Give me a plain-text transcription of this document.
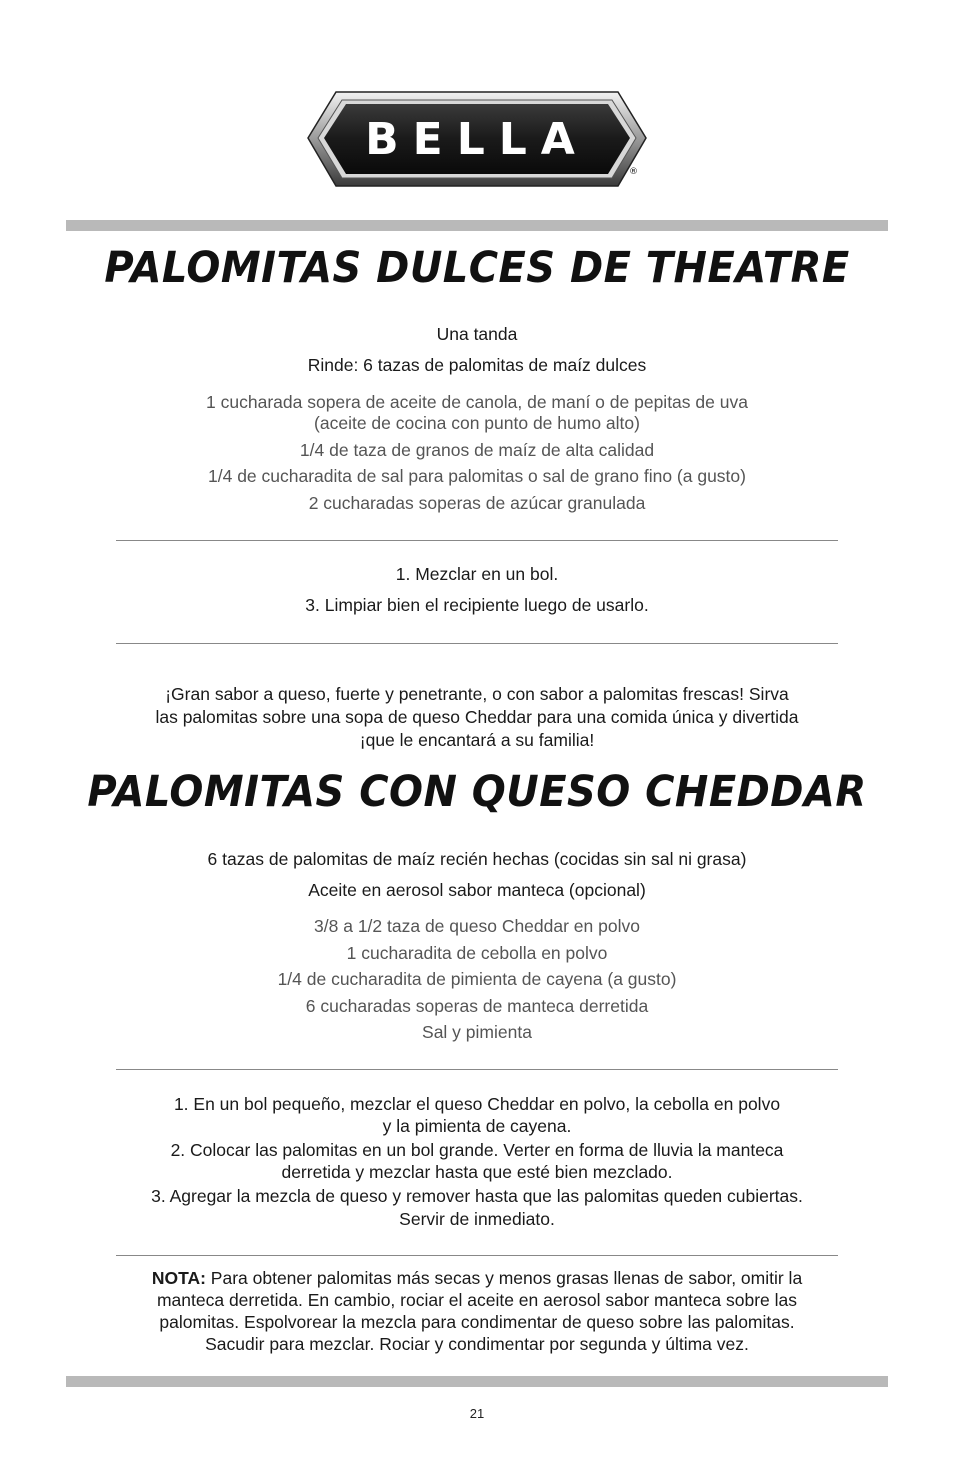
BELLA
®
PALOMITAS DULCES DE THEATRE
Una tanda
Rinde: 6 tazas de palomitas de maíz dulces
1 cucharada sopera de aceite de canola, de maní o de pepitas de uva
(aceite de cocina con punto de humo alto)
1/4 de taza de granos de maíz de alta calidad
1/4 de cucharadita de sal para palomitas o sal de grano fino (a gusto)
2 cucharadas soperas de azúcar granulada
1. Mezclar en un bol.
3. Limpiar bien el recipiente luego de usarlo.
¡Gran sabor a queso, fuerte y penetrante, o con sabor a palomitas frescas! Sirva
las palomitas sobre una sopa de queso Cheddar para una comida única y divertida
¡que le encantará a su familia!
PALOMITAS CON QUESO CHEDDAR
6 tazas de palomitas de maíz recién hechas (cocidas sin sal ni grasa)
Aceite en aerosol sabor manteca (opcional)
3/8 a 1/2 taza de queso Cheddar en polvo
1 cucharadita de cebolla en polvo
1/4 de cucharadita de pimienta de cayena (a gusto)
6 cucharadas soperas de manteca derretida
Sal y pimienta
1. En un bol pequeño, mezclar el queso Cheddar en polvo, la cebolla en polvo
y la pimienta de cayena.
2. Colocar las palomitas en un bol grande. Verter en forma de lluvia la manteca
derretida y mezclar hasta que esté bien mezclado.
3. Agregar la mezcla de queso y remover hasta que las palomitas queden cubiertas.
Servir de inmediato.
NOTA: Para obtener palomitas más secas y menos grasas llenas de sabor, omitir la
manteca derretida. En cambio, rociar el aceite en aerosol sabor manteca sobre las
palomitas. Espolvorear la mezcla para condimentar de queso sobre las palomitas.
Sacudir para mezclar. Rociar y condimentar por segunda y última vez.
21
